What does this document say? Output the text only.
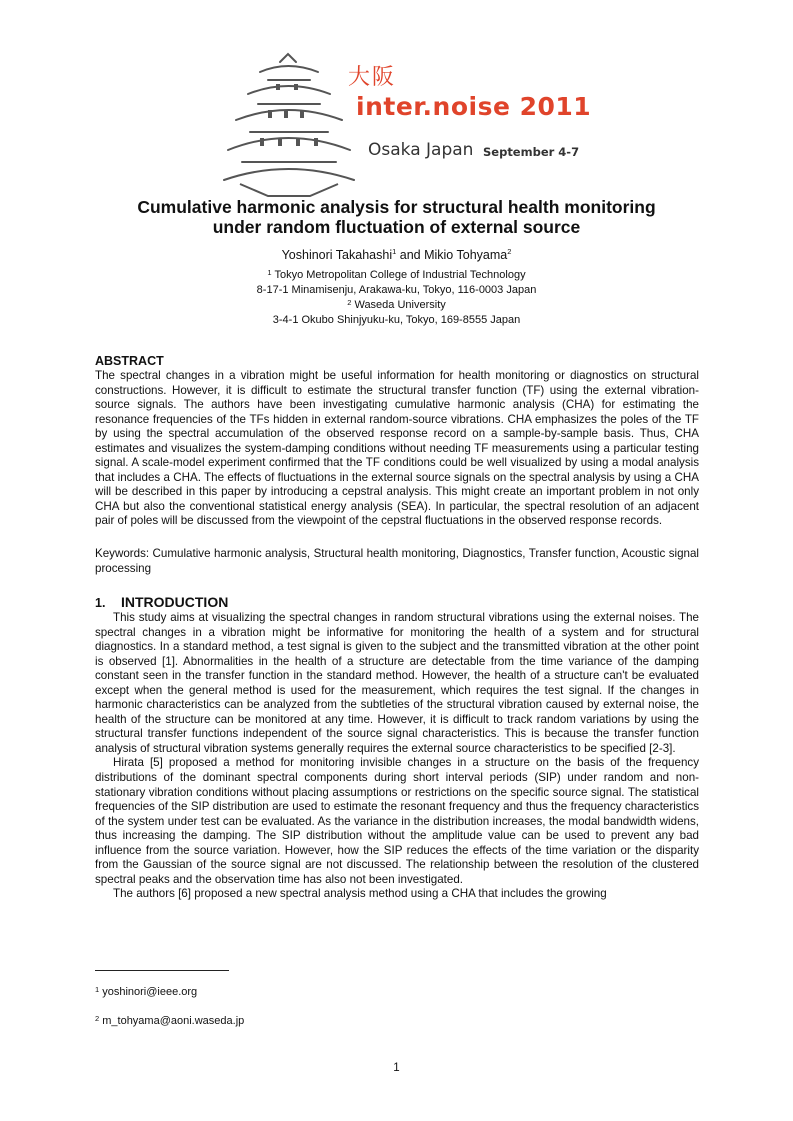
大阪
inter.noise 2011
Osaka Japan September 4-7
Cumulative harmonic analysis for structural health monitoring
under random fluctuation of external source
Yoshinori Takahashi$^1$ and Mikio Tohyama$^2$
$^1$ Tokyo Metropolitan College of Industrial Technology
8-17-1 Minamisenju, Arakawa-ku, Tokyo, 116-0003 Japan
$^2$ Waseda University
3-4-1 Okubo Shinjyuku-ku, Tokyo, 169-8555 Japan
ABSTRACT
The spectral changes in a vibration might be useful information for health monitoring or diagnostics on structural constructions. However, it is difficult to estimate the structural transfer function (TF) using the external vibration-source signals. The authors have been investigating cumulative harmonic analysis (CHA) for estimating the resonance frequencies of the TFs hidden in external random-source vibrations. CHA emphasizes the poles of the TF by using the spectral accumulation of the observed response record on a sample-by-sample basis. Thus, CHA estimates and visualizes the system-damping conditions without needing TF measurements using a particular testing signal. A scale-model experiment confirmed that the TF conditions could be well visualized by using a modal analysis that includes a CHA. The effects of fluctuations in the external source signals on the spectral analysis by using a CHA will be described in this paper by introducing a cepstral analysis. This might create an important problem in not only CHA but also the conventional statistical energy analysis (SEA). In particular, the spectral resolution of an adjacent pair of poles will be discussed from the viewpoint of the cepstral fluctuations in the observed response records.
Keywords: Cumulative harmonic analysis, Structural health monitoring, Diagnostics, Transfer function, Acoustic signal processing
1. INTRODUCTION

This study aims at visualizing the spectral changes in random structural vibrations using the external noises. The spectral changes in a vibration might be informative for monitoring the health of a system and for structural diagnostics. In a standard method, a test signal is given to the subject and the transmitted vibration at the other point is observed [1]. Abnormalities in the health of a structure are detectable from the time variance of the damping constant seen in the transfer function in the standard method. However, the health of a structure can't be evaluated except when the general method is used for the measurement, which requires the test signal. If the changes in harmonic characteristics can be analyzed from the subtleties of the structural vibration caused by external noise, the health of the structure can be monitored at any time. However, it is difficult to track random variations by using the structural transfer functions independent of the source signal characteristics. This is because the transfer function analysis of structural vibration systems generally requires the external source characteristics to be specified [2-3].

Hirata [5] proposed a method for monitoring invisible changes in a structure on the basis of the frequency distributions of the dominant spectral components during short interval periods (SIP) under random and non-stationary vibration conditions without placing assumptions or restrictions on the specific source signal. The statistical frequencies of the SIP distribution are used to estimate the resonant frequency and thus the frequency characteristics of the system under test can be evaluated. As the variance in the distribution increases, the modal bandwidth widens, thus increasing the damping. The SIP distribution without the amplitude value can be used to prevent any bad influence from the source variation. However, how the SIP reduces the effects of the time variation or the disparity from the Gaussian of the source signal are not discussed. The relationship between the resolution of the clustered spectral peaks and the observation time has also not been investigated.

The authors [6] proposed a new spectral analysis method using a CHA that includes the growing

$^1$ yoshinori@ieee.org
$^2$ m_tohyama@aoni.waseda.jp
1
